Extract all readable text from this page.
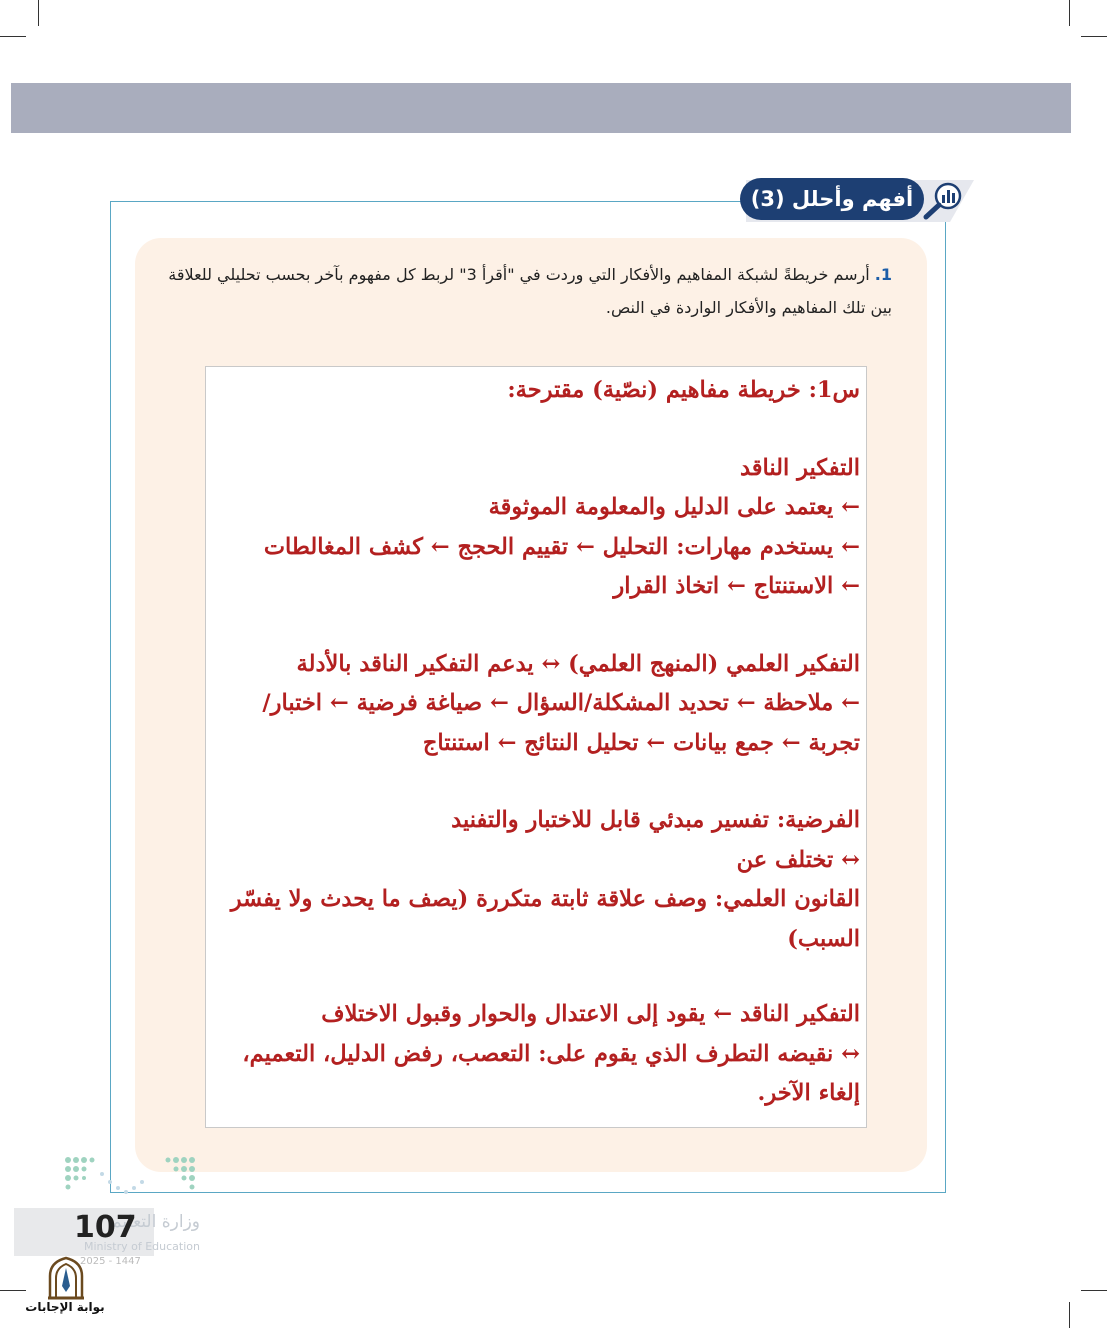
أفهم وأحلل (3)
1. أرسم خريطةً لشبكة المفاهيم والأفكار التي وردت في "أقرأ 3" لربط كل مفهوم بآخر بحسب تحليلي للعلاقة بين تلك المفاهيم والأفكار الواردة في النص.
س1: خريطة مفاهيم (نصّية) مقترحة:
التفكير الناقد
← يعتمد على الدليل والمعلومة الموثوقة
← يستخدم مهارات: التحليل ← تقييم الحجج ← كشف المغالطات
← الاستنتاج ← اتخاذ القرار
التفكير العلمي (المنهج العلمي) ↔ يدعم التفكير الناقد بالأدلة
← ملاحظة ← تحديد المشكلة/السؤال ← صياغة فرضية ← اختبار/
تجربة ← جمع بيانات ← تحليل النتائج ← استنتاج
الفرضية: تفسير مبدئي قابل للاختبار والتفنيد
↔ تختلف عن
القانون العلمي: وصف علاقة ثابتة متكررة (يصف ما يحدث ولا يفسّر
السبب)
التفكير الناقد ← يقود إلى الاعتدال والحوار وقبول الاختلاف
↔ نقيضه التطرف الذي يقوم على: التعصب، رفض الدليل، التعميم،
إلغاء الآخر.
وزارة التعليم
Ministry of Education
107
2025 - 1447
بوابة الإجابات
